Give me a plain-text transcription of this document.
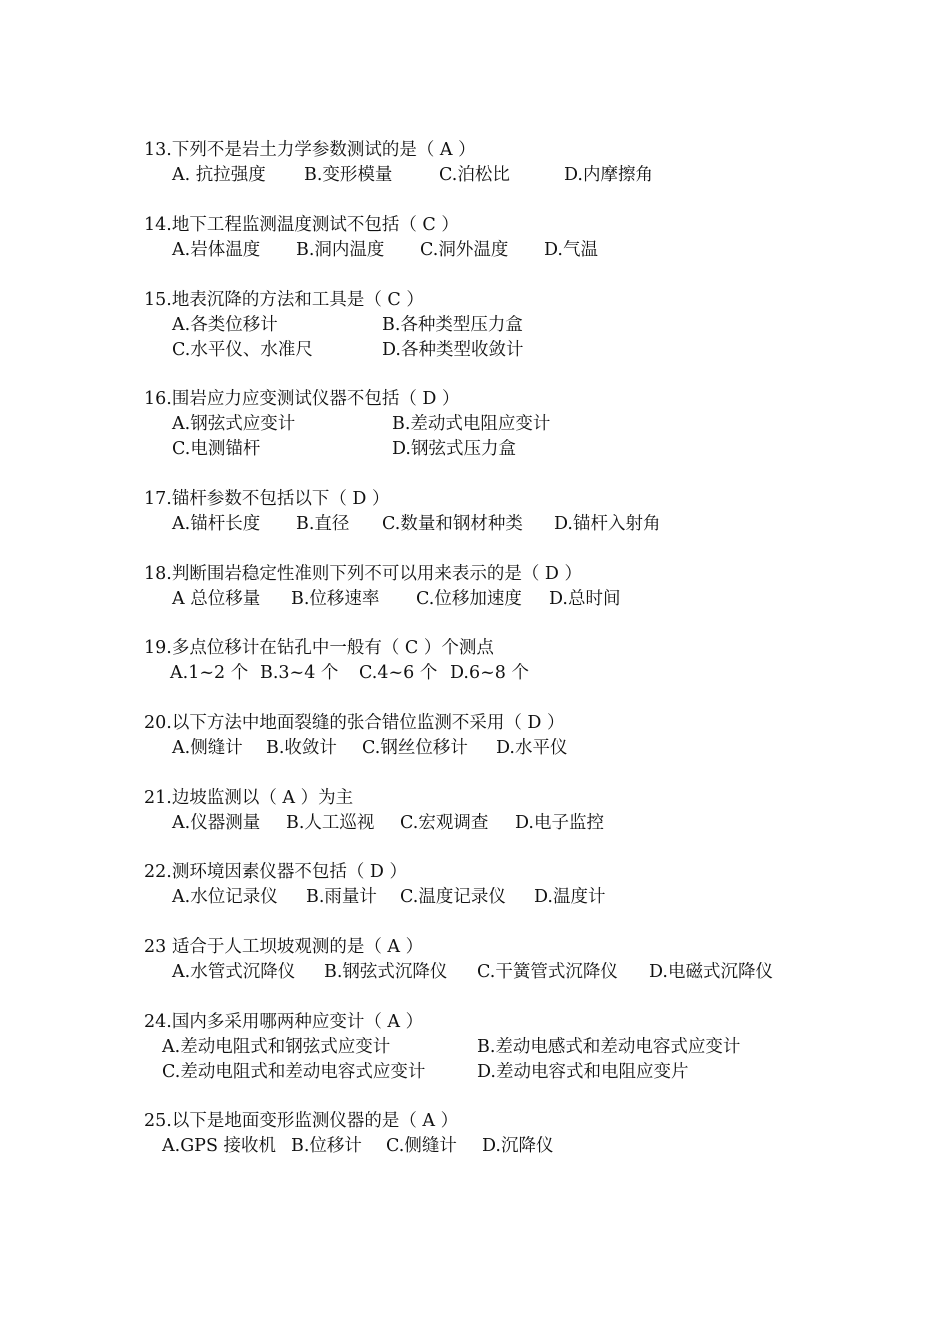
13.下列不是岩土力学参数测试的是（ A ）
A. 抗拉强度 B.变形模量	C.泊松比	D.内摩擦角
14.地下工程监测温度测试不包括（ C ）
A.岩体温度 B.洞内温度 C.洞外温度 D.气温
15.地表沉降的方法和工具是（ C ）
A.各类位移计	B.各种类型压力盒
C.水平仪、水准尺	D.各种类型收敛计
16.围岩应力应变测试仪器不包括（ D ）
A.钢弦式应变计	B.差动式电阻应变计
C.电测锚杆	D.钢弦式压力盒
17.锚杆参数不包括以下（ D ）
A.锚杆长度 B.直径 C.数量和钢材种类 D.锚杆入射角
18.判断围岩稳定性准则下列不可以用来表示的是（ D ）
A 总位移量 B.位移速率 C.位移加速度 D.总时间
19.多点位移计在钻孔中一般有（ C ）个测点
A.1~2 个 B.3~4 个 C.4~6 个 D.6~8 个
20.以下方法中地面裂缝的张合错位监测不采用（ D ）
A.侧缝计 B.收敛计 C.钢丝位移计 D.水平仪
21.边坡监测以（ A ）为主
A.仪器测量 B.人工巡视 C.宏观调查 D.电子监控
22.测环境因素仪器不包括（ D ）
A.水位记录仪 B.雨量计 C.温度记录仪 D.温度计
23 适合于人工坝坡观测的是（ A ）
A.水管式沉降仪 B.钢弦式沉降仪 C.干簧管式沉降仪 D.电磁式沉降仪
24.国内多采用哪两种应变计（ A ）
A.差动电阻式和钢弦式应变计	B.差动电感式和差动电容式应变计
C.差动电阻式和差动电容式应变计	D.差动电容式和电阻应变片
25.以下是地面变形监测仪器的是（ A ）
A.GPS 接收机 B.位移计 C.侧缝计 D.沉降仪
